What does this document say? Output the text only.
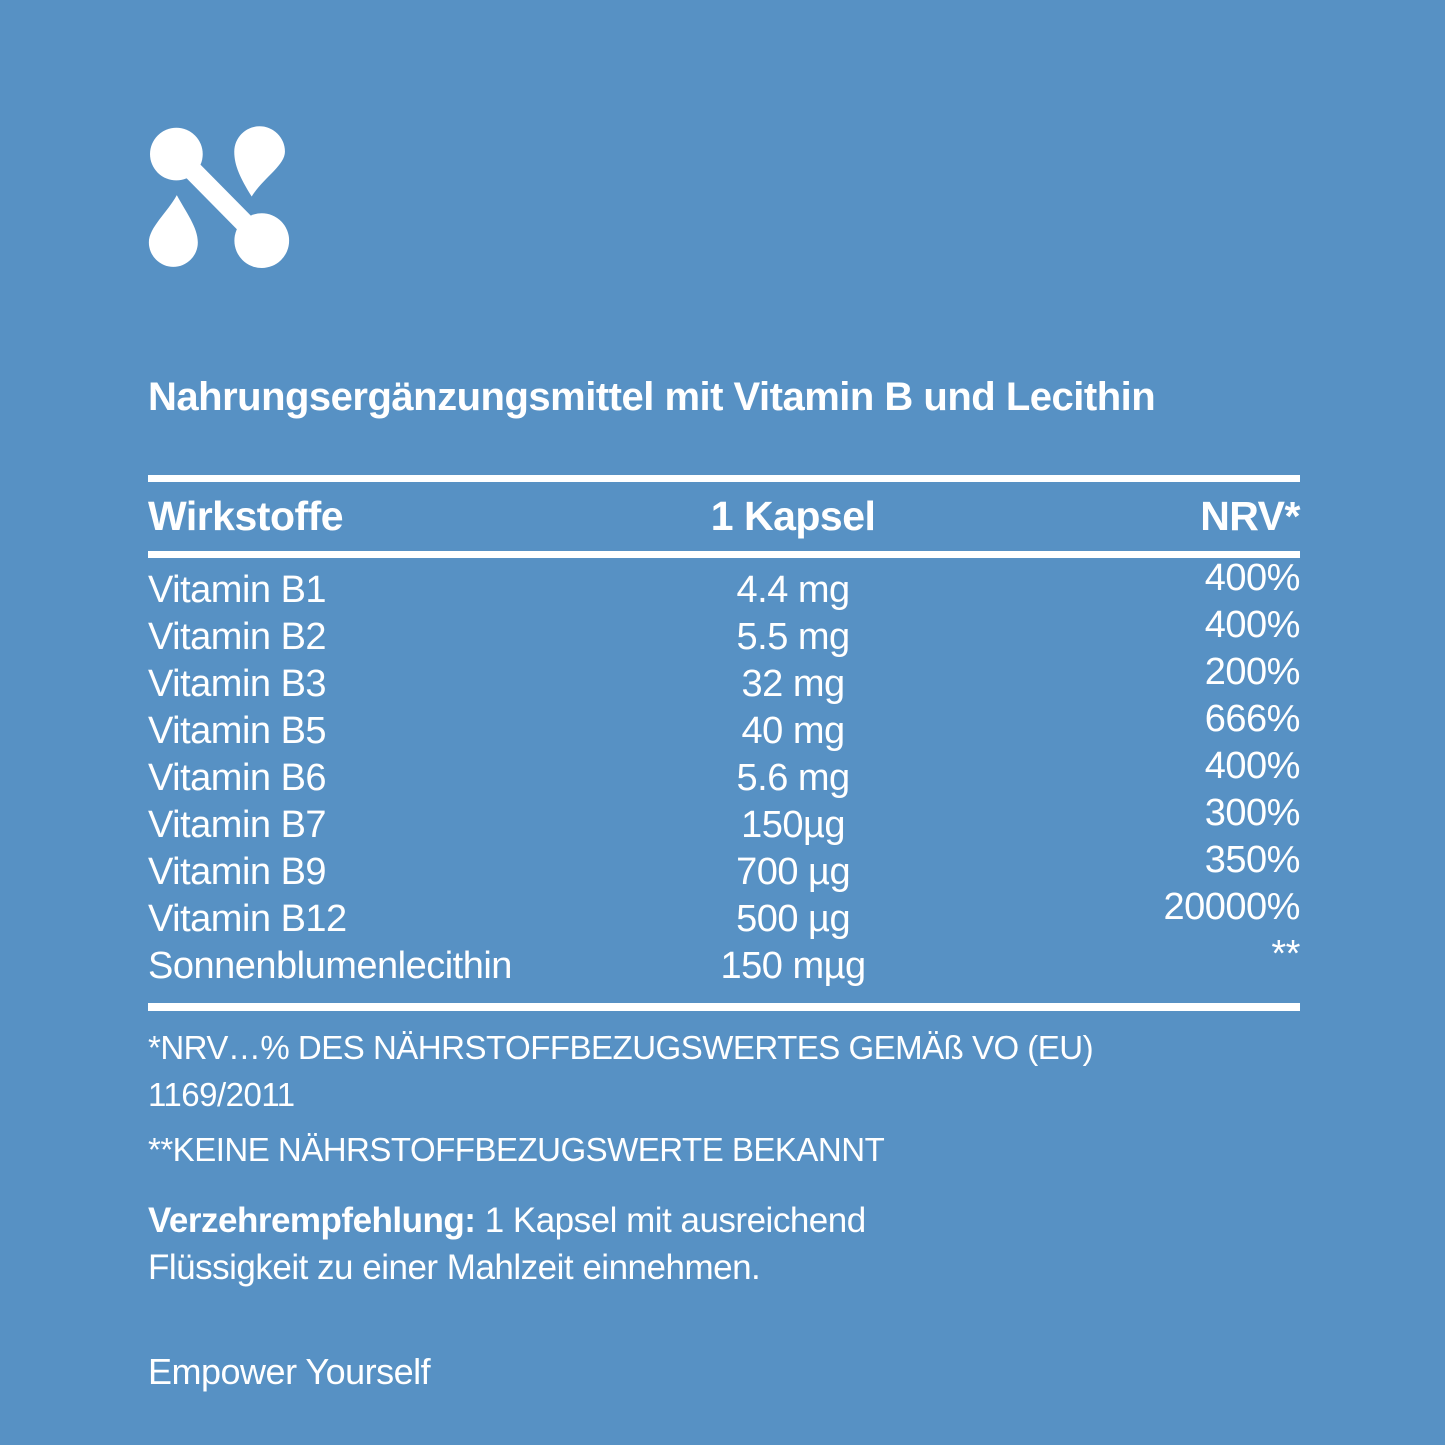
Nahrungsergänzungsmittel mit Vitamin B und Lecithin
Wirkstoffe	1 Kapsel	NRV*
Vitamin B1	4.4 mg	400%
Vitamin B2	5.5 mg	400%
Vitamin B3	32 mg	200%
Vitamin B5	40 mg	666%
Vitamin B6	5.6 mg	400%
Vitamin B7	150µg	300%
Vitamin B9	700 µg	350%
Vitamin B12	500 µg	20000%
Sonnenblumenlecithin	150 mµg	**
*NRV…% DES NÄHRSTOFFBEZUGSWERTES GEMÄß VO (EU)
1169/2011
**KEINE NÄHRSTOFFBEZUGSWERTE BEKANNT
Verzehrempfehlung: 1 Kapsel mit ausreichend
Flüssigkeit zu einer Mahlzeit einnehmen.
Empower Yourself
